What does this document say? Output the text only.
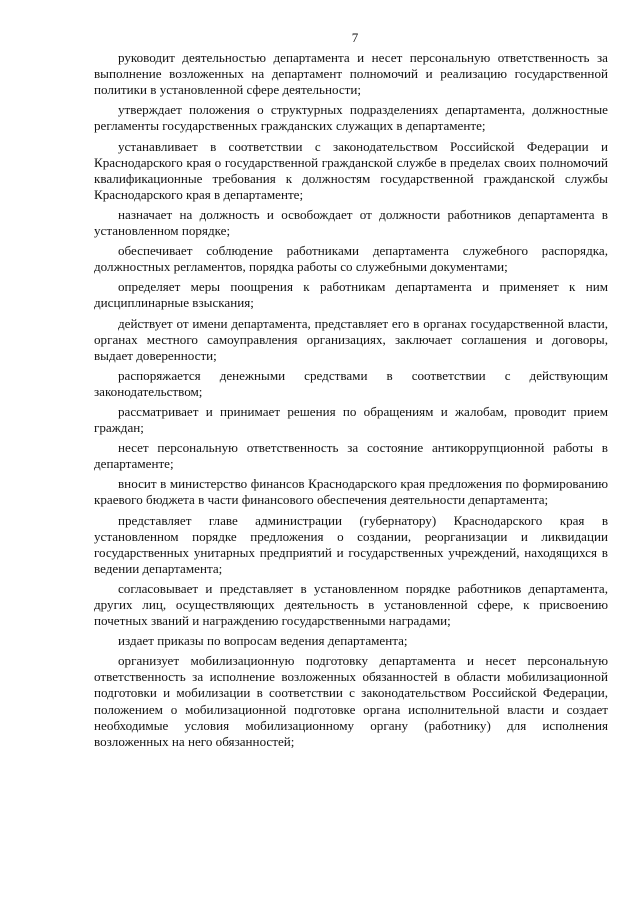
7

руководит деятельностью департамента и несет персональную ответственность за выполнение возложенных на департамент полномочий и реализацию государственной политики в установленной сфере деятельности;

утверждает положения о структурных подразделениях департамента, должностные регламенты государственных гражданских служащих в департаменте;

устанавливает в соответствии с законодательством Российской Федерации и Краснодарского края о государственной гражданской службе в пределах своих полномочий квалификационные требования к должностям государственной гражданской службы Краснодарского края в департаменте;

назначает на должность и освобождает от должности работников департамента в установленном порядке;

обеспечивает соблюдение работниками департамента служебного распорядка, должностных регламентов, порядка работы со служебными документами;

определяет меры поощрения к работникам департамента и применяет к ним дисциплинарные взыскания;

действует от имени департамента, представляет его в органах государственной власти, органах местного самоуправления организациях, заключает соглашения и договоры, выдает доверенности;

распоряжается денежными средствами в соответствии с действующим законодательством;

рассматривает и принимает решения по обращениям и жалобам, проводит прием граждан;

несет персональную ответственность за состояние антикоррупционной работы в департаменте;

вносит в министерство финансов Краснодарского края предложения по формированию краевого бюджета в части финансового обеспечения деятельности департамента;

представляет главе администрации (губернатору) Краснодарского края в установленном порядке предложения о создании, реорганизации и ликвидации государственных унитарных предприятий и государственных учреждений, находящихся в ведении департамента;

согласовывает и представляет в установленном порядке работников департамента, других лиц, осуществляющих деятельность в установленной сфере, к присвоению почетных званий и награждению государственными наградами;

издает приказы по вопросам ведения департамента;

организует мобилизационную подготовку департамента и несет персональную ответственность за исполнение возложенных обязанностей в области мобилизационной подготовки и мобилизации в соответствии с законодательством Российской Федерации, положением о мобилизационной подготовке органа исполнительной власти и создает необходимые условия мобилизационному органу (работнику) для исполнения возложенных на него обязанностей;
